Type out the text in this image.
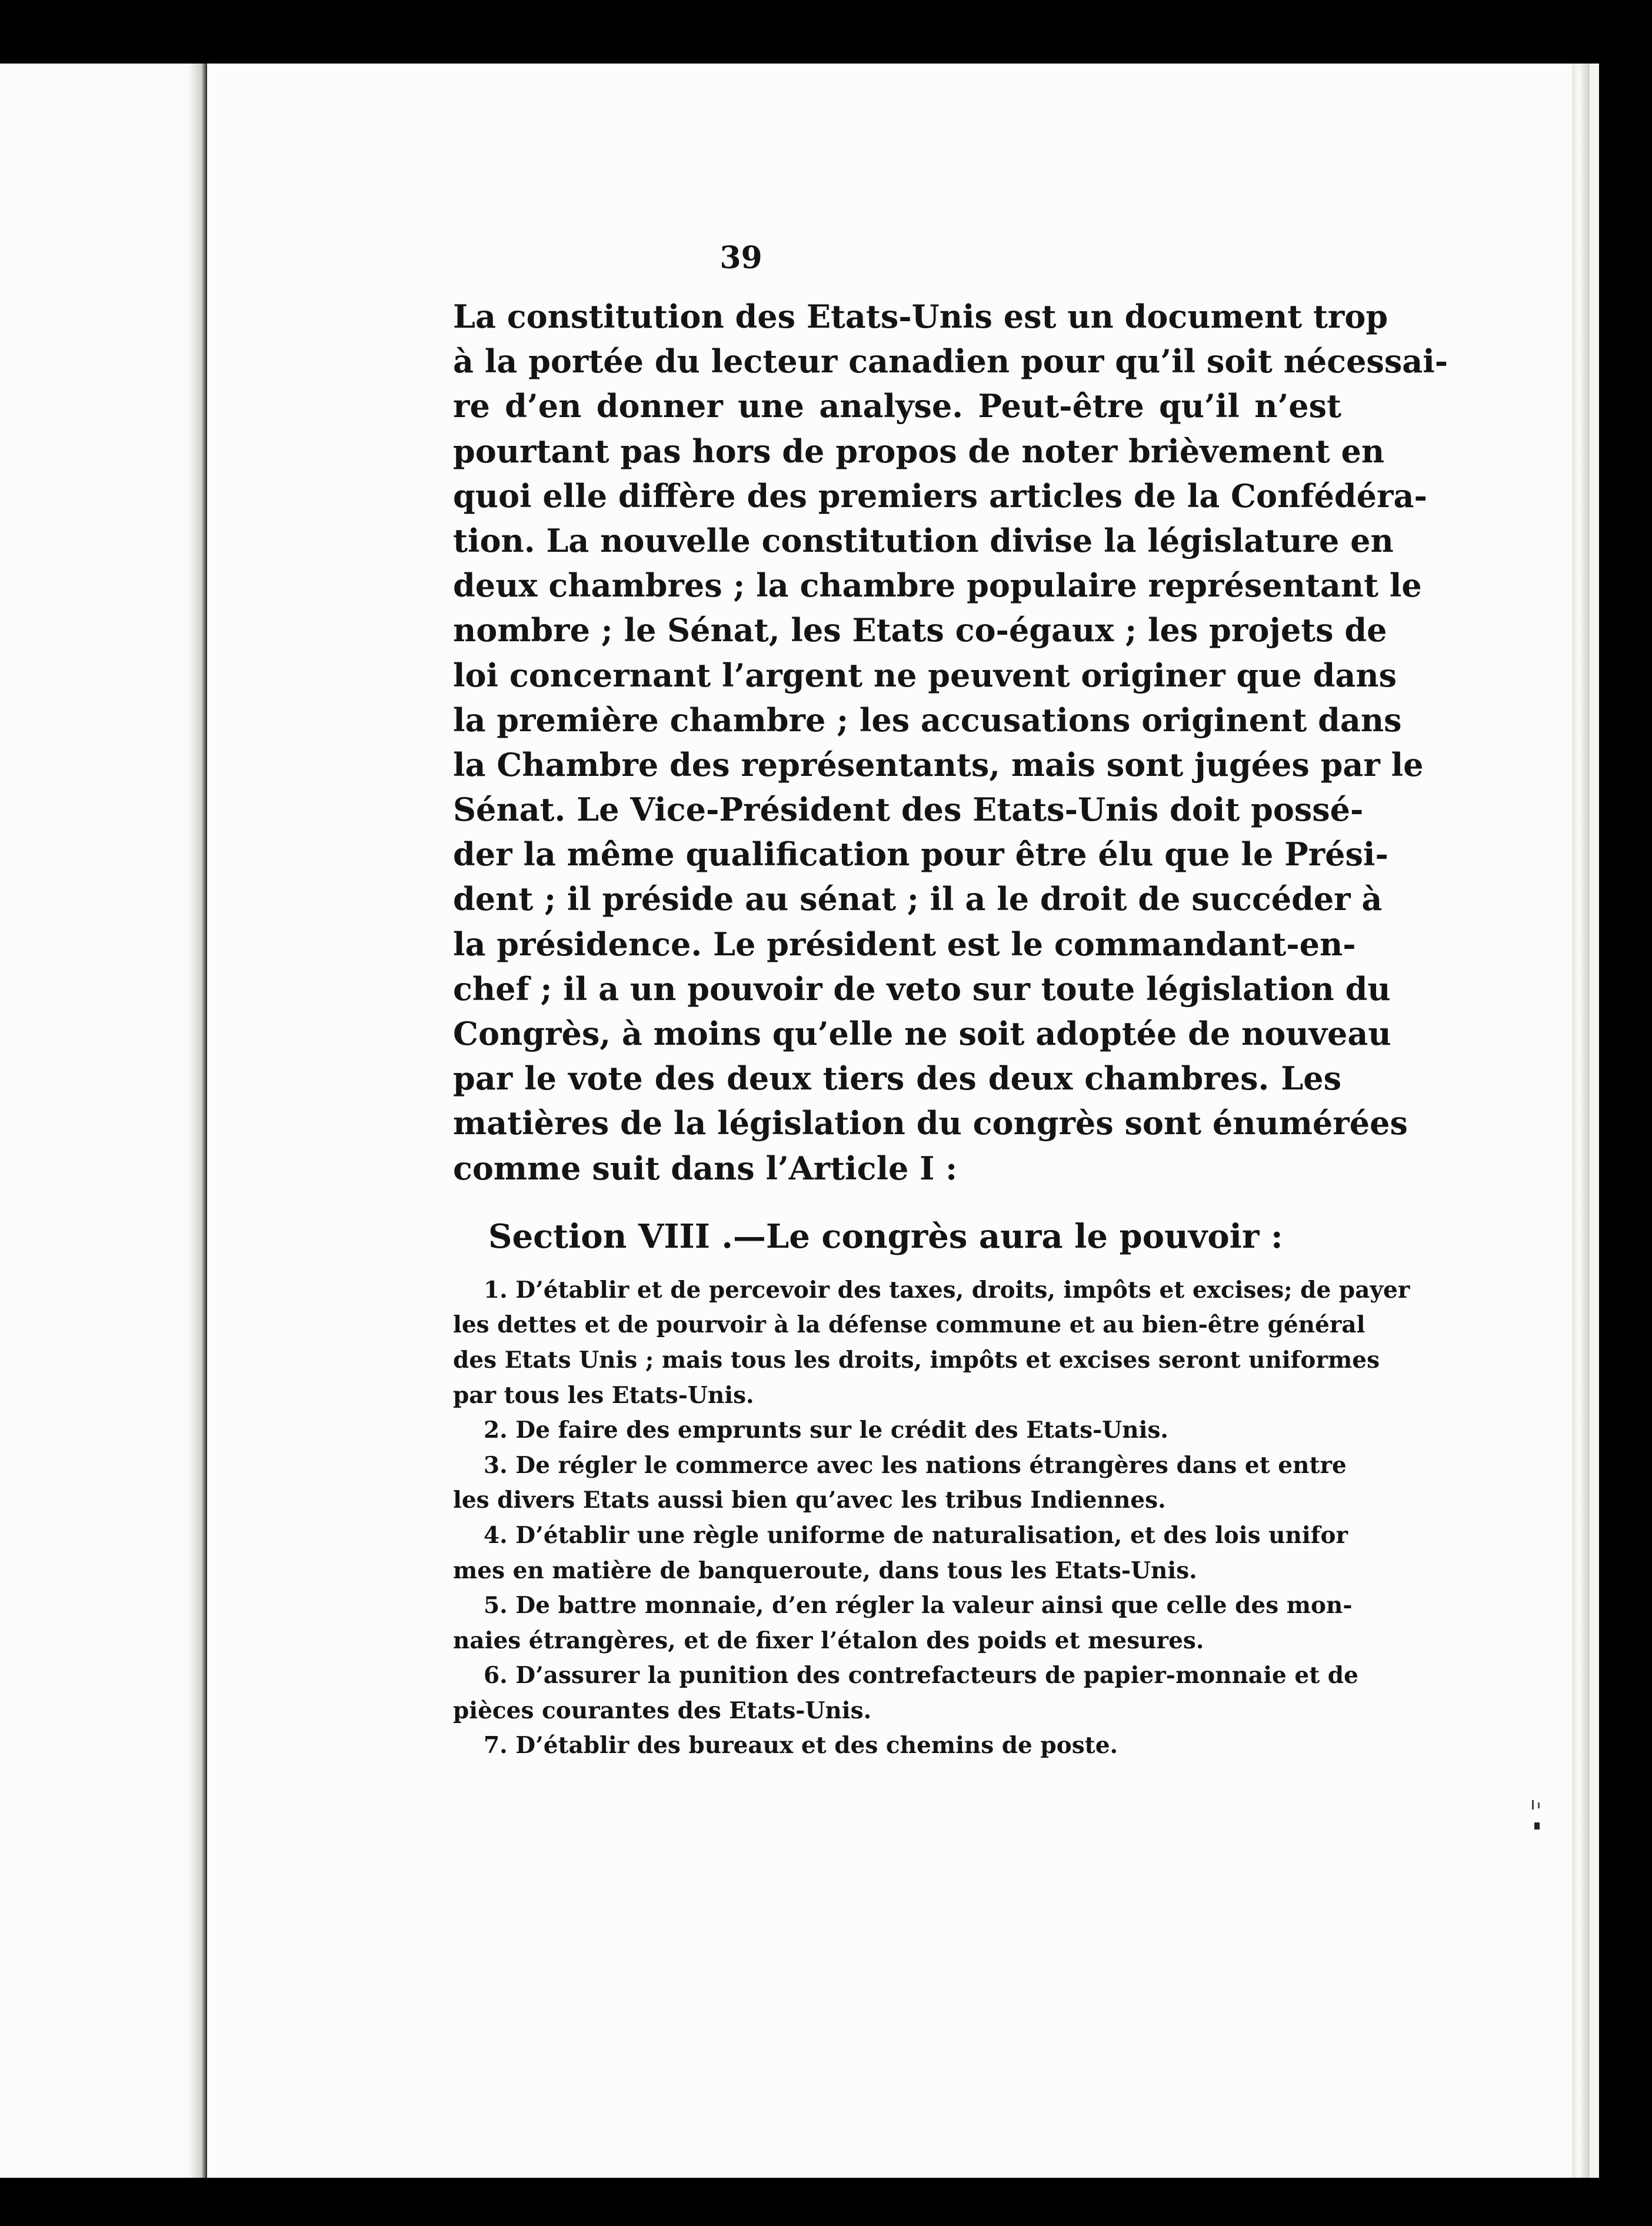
39
La constitution des Etats-Unis est un document trop
à la portée du lecteur canadien pour qu’il soit nécessai-
re d’en donner une analyse. Peut-être qu’il n’est
pourtant pas hors de propos de noter brièvement en
quoi elle diffère des premiers articles de la Confédéra-
tion. La nouvelle constitution divise la législature en
deux chambres ; la chambre populaire représentant le
nombre ; le Sénat, les Etats co-égaux ; les projets de
loi concernant l’argent ne peuvent originer que dans
la première chambre ; les accusations originent dans
la Chambre des représentants, mais sont jugées par le
Sénat. Le Vice-Président des Etats-Unis doit possé-
der la même qualification pour être élu que le Prési-
dent ; il préside au sénat ; il a le droit de succéder à
la présidence. Le président est le commandant-en-
chef ; il a un pouvoir de veto sur toute législation du
Congrès, à moins qu’elle ne soit adoptée de nouveau
par le vote des deux tiers des deux chambres. Les
matières de la législation du congrès sont énumérées
comme suit dans l’Article I :
Section VIII .—Le congrès aura le pouvoir :
1. D’établir et de percevoir des taxes, droits, impôts et excises; de payer
les dettes et de pourvoir à la défense commune et au bien-être général
des Etats Unis ; mais tous les droits, impôts et excises seront uniformes
par tous les Etats-Unis.
2. De faire des emprunts sur le crédit des Etats-Unis.
3. De régler le commerce avec les nations étrangères dans et entre
les divers Etats aussi bien qu’avec les tribus Indiennes.
4. D’établir une règle uniforme de naturalisation, et des lois unifor
mes en matière de banqueroute, dans tous les Etats-Unis.
5. De battre monnaie, d’en régler la valeur ainsi que celle des mon-
naies étrangères, et de fixer l’étalon des poids et mesures.
6. D’assurer la punition des contrefacteurs de papier-monnaie et de
pièces courantes des Etats-Unis.
7. D’établir des bureaux et des chemins de poste.
